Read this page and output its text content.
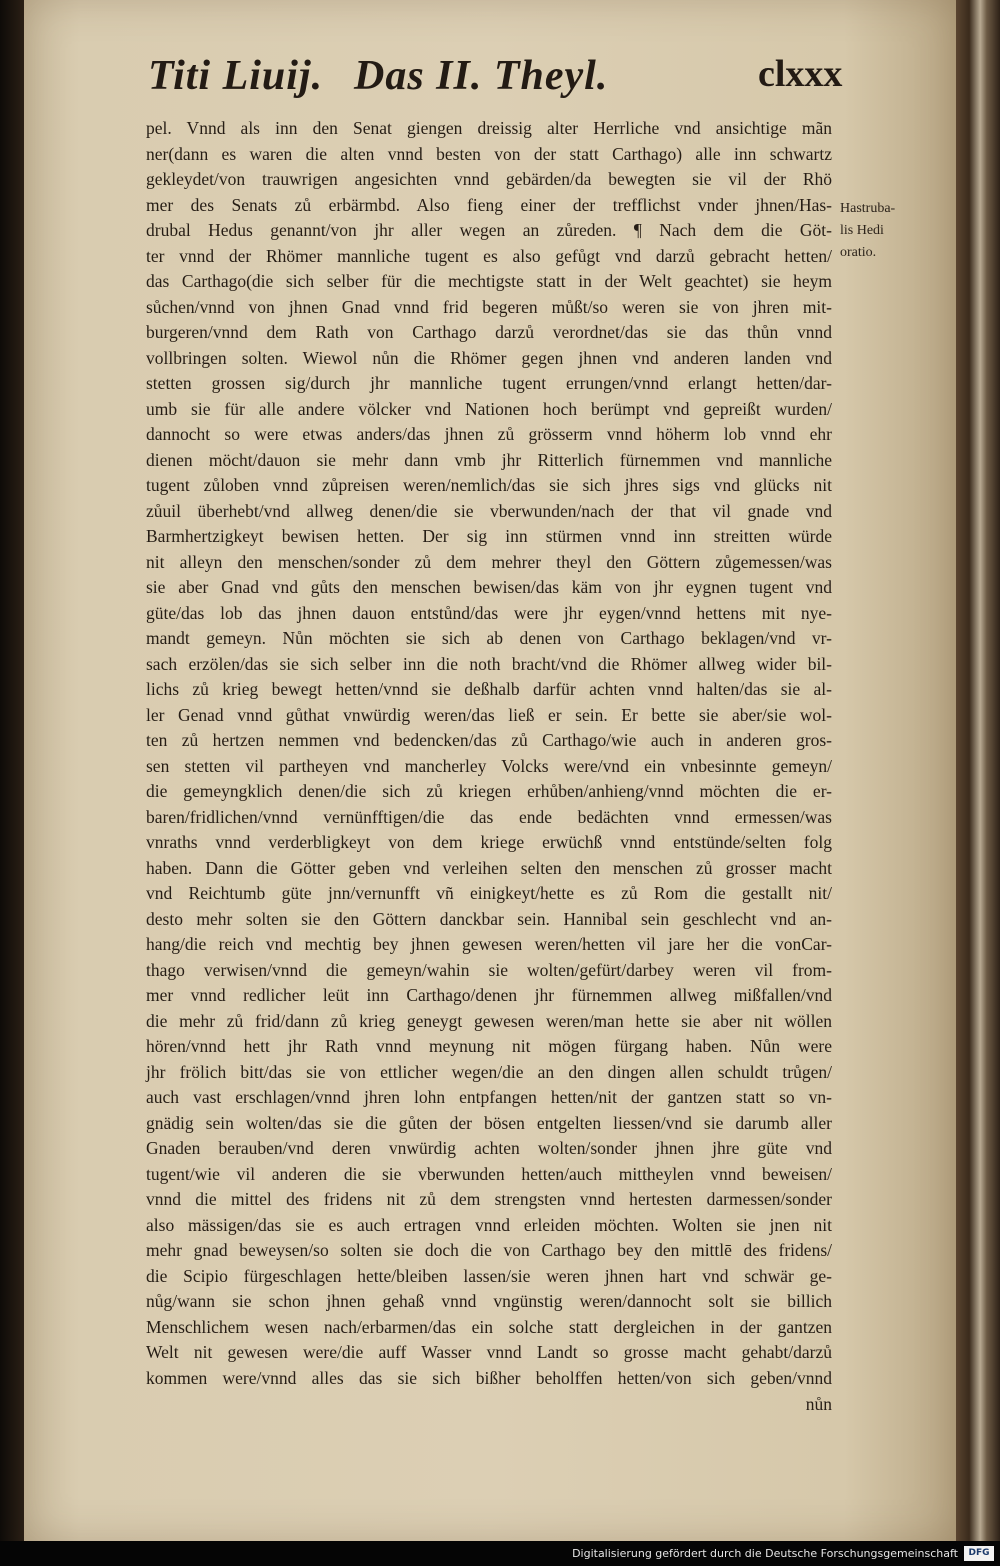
Titi Liuij. Das II. Theyl.	clxxx
Hastruba-
lis Hedi
oratio.
pel. Vnnd als inn den Senat giengen dreissig alter Herrliche vnd ansichtige mãn
ner(dann es waren die alten vnnd besten von der statt Carthago) alle inn schwartz
gekleydet/von trauwrigen angesichten vnnd gebärden/da bewegten sie vil der Rhö
mer des Senats zů erbärmbd. Also fieng einer der trefflichst vnder jhnen/Has-
drubal Hedus genannt/von jhr aller wegen an zůreden. ¶ Nach dem die Göt-
ter vnnd der Rhömer mannliche tugent es also gefůgt vnd darzů gebracht hetten/
das Carthago(die sich selber für die mechtigste statt in der Welt geachtet) sie heym
sůchen/vnnd von jhnen Gnad vnnd frid begeren můßt/so weren sie von jhren mit-
burgeren/vnnd dem Rath von Carthago darzů verordnet/das sie das thůn vnnd
vollbringen solten. Wiewol nůn die Rhömer gegen jhnen vnd anderen landen vnd
stetten grossen sig/durch jhr mannliche tugent errungen/vnnd erlangt hetten/dar-
umb sie für alle andere völcker vnd Nationen hoch berümpt vnd gepreißt wurden/
dannocht so were etwas anders/das jhnen zů grösserm vnnd höherm lob vnnd ehr
dienen möcht/dauon sie mehr dann vmb jhr Ritterlich fürnemmen vnd mannliche
tugent zůloben vnnd zůpreisen weren/nemlich/das sie sich jhres sigs vnd glücks nit
zůuil überhebt/vnd allweg denen/die sie vberwunden/nach der that vil gnade vnd
Barmhertzigkeyt bewisen hetten. Der sig inn stürmen vnnd inn streitten würde
nit alleyn den menschen/sonder zů dem mehrer theyl den Göttern zůgemessen/was
sie aber Gnad vnd gůts den menschen bewisen/das käm von jhr eygnen tugent vnd
güte/das lob das jhnen dauon entstůnd/das were jhr eygen/vnnd hettens mit nye-
mandt gemeyn. Nůn möchten sie sich ab denen von Carthago beklagen/vnd vr-
sach erzölen/das sie sich selber inn die noth bracht/vnd die Rhömer allweg wider bil-
lichs zů krieg bewegt hetten/vnnd sie deßhalb darfür achten vnnd halten/das sie al-
ler Genad vnnd gůthat vnwürdig weren/das ließ er sein. Er bette sie aber/sie wol-
ten zů hertzen nemmen vnd bedencken/das zů Carthago/wie auch in anderen gros-
sen stetten vil partheyen vnd mancherley Volcks were/vnd ein vnbesinnte gemeyn/
die gemeyngklich denen/die sich zů kriegen erhůben/anhieng/vnnd möchten die er-
baren/fridlichen/vnnd vernünfftigen/die das ende bedächten vnnd ermessen/was
vnraths vnnd verderbligkeyt von dem kriege erwüchß vnnd entstünde/selten folg
haben. Dann die Götter geben vnd verleihen selten den menschen zů grosser macht
vnd Reichtumb güte jnn/vernunfft vñ einigkeyt/hette es zů Rom die gestallt nit/
desto mehr solten sie den Göttern danckbar sein. Hannibal sein geschlecht vnd an-
hang/die reich vnd mechtig bey jhnen gewesen weren/hetten vil jare her die vonCar-
thago verwisen/vnnd die gemeyn/wahin sie wolten/gefürt/darbey weren vil from-
mer vnnd redlicher leüt inn Carthago/denen jhr fürnemmen allweg mißfallen/vnd
die mehr zů frid/dann zů krieg geneygt gewesen weren/man hette sie aber nit wöllen
hören/vnnd hett jhr Rath vnnd meynung nit mögen fürgang haben. Nůn were
jhr frölich bitt/das sie von ettlicher wegen/die an den dingen allen schuldt trůgen/
auch vast erschlagen/vnnd jhren lohn entpfangen hetten/nit der gantzen statt so vn-
gnädig sein wolten/das sie die gůten der bösen entgelten liessen/vnd sie darumb aller
Gnaden berauben/vnd deren vnwürdig achten wolten/sonder jhnen jhre güte vnd
tugent/wie vil anderen die sie vberwunden hetten/auch mittheylen vnnd beweisen/
vnnd die mittel des fridens nit zů dem strengsten vnnd hertesten darmessen/sonder
also mässigen/das sie es auch ertragen vnnd erleiden möchten. Wolten sie jnen nit
mehr gnad beweysen/so solten sie doch die von Carthago bey den mittlē des fridens/
die Scipio fürgeschlagen hette/bleiben lassen/sie weren jhnen hart vnd schwär ge-
nůg/wann sie schon jhnen gehaß vnnd vngünstig weren/dannocht solt sie billich
Menschlichem wesen nach/erbarmen/das ein solche statt dergleichen in der gantzen
Welt nit gewesen were/die auff Wasser vnnd Landt so grosse macht gehabt/darzů
kommen were/vnnd alles das sie sich bißher beholffen hetten/von sich geben/vnnd
nůn
Digitalisierung gefördert durch die Deutsche Forschungsgemeinschaft	DFG
